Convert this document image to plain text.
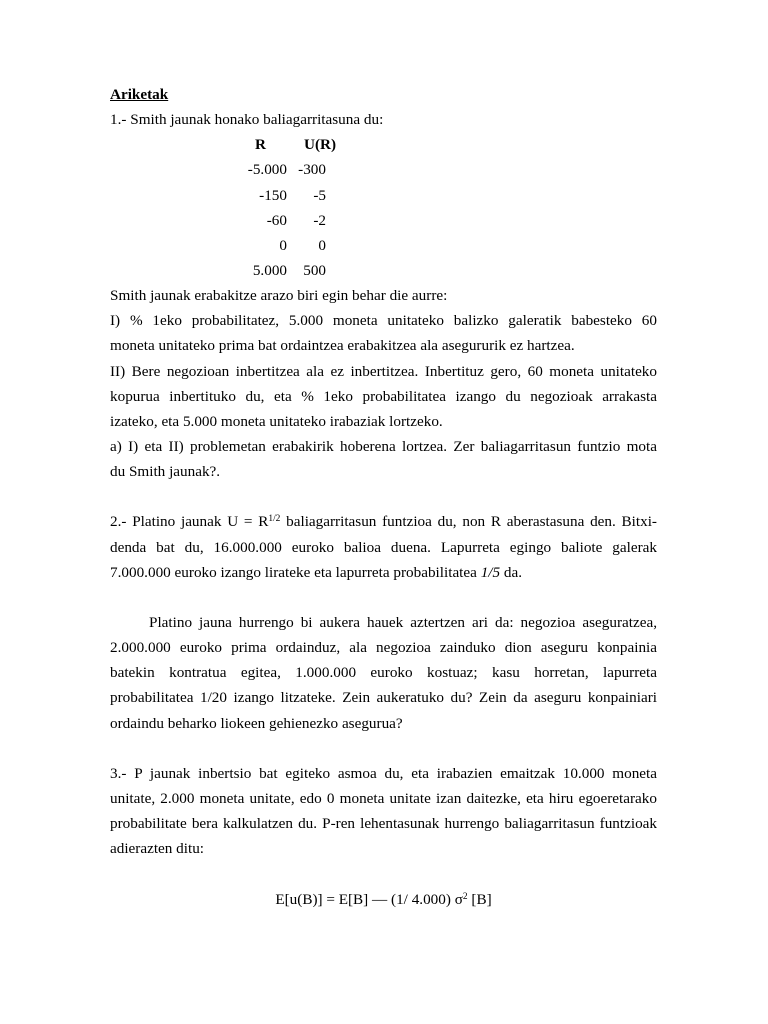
Ariketak
1.- Smith jaunak honako baliagarritasuna du:
R	U(R)
-5.000 -300
-150 -5
-60 -2
0 0
5.000 500
Smith jaunak erabakitze arazo biri egin behar die aurre:
I) % 1eko probabilitatez, 5.000 moneta unitateko balizko galeratik babesteko 60
moneta unitateko prima bat ordaintzea erabakitzea ala asegururik ez hartzea.
II) Bere negozioan inbertitzea ala ez inbertitzea. Inbertituz gero, 60 moneta unitateko
kopurua inbertituko du, eta % 1eko probabilitatea izango du negozioak arrakasta
izateko, eta 5.000 moneta unitateko irabaziak lortzeko.
a) I) eta II) problemetan erabakirik hoberena lortzea. Zer baliagarritasun funtzio mota
du Smith jaunak?.
2.- Platino jaunak $U = R^{1/2}$ baliagarritasun funtzioa du, non R aberastasuna den. Bitxi-
denda bat du, 16.000.000 euroko balioa duena. Lapurreta egingo baliote galerak
7.000.000 euroko izango lirateke eta lapurreta probabilitatea 1/5 da.
Platino jauna hurrengo bi aukera hauek aztertzen ari da: negozioa aseguratzea,
2.000.000 euroko prima ordainduz, ala negozioa zainduko dion aseguru konpainia
batekin kontratua egitea, 1.000.000 euroko kostuaz; kasu horretan, lapurreta
probabilitatea 1/20 izango litzateke. Zein aukeratuko du? Zein da aseguru konpainiari
ordaindu beharko liokeen gehienezko asegurua?
3.- P jaunak inbertsio bat egiteko asmoa du, eta irabazien emaitzak 10.000 moneta
unitate, 2.000 moneta unitate, edo 0 moneta unitate izan daitezke, eta hiru egoeretarako
probabilitate bera kalkulatzen du. P-ren lehentasunak hurrengo baliagarritasun funtzioak
adierazten ditu:
E[u(B)] = E[B] — (1/ 4.000) $\sigma^2$ [B]
